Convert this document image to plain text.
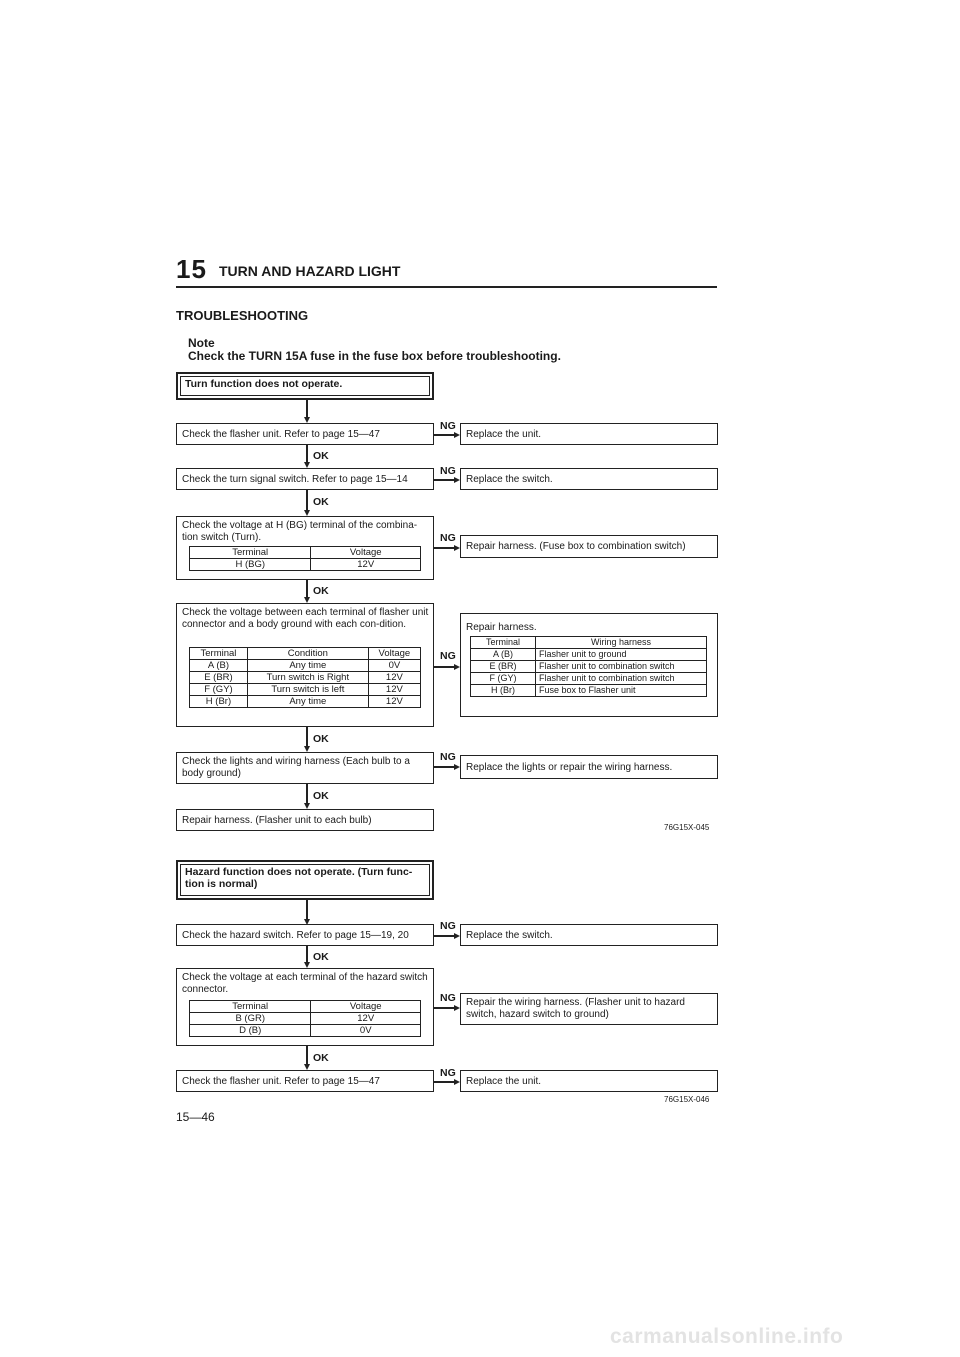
15 TURN AND HAZARD LIGHT
TROUBLESHOOTING
Note
Check the TURN 15A fuse in the fuse box before troubleshooting.
Turn function does not operate.
Check the flasher unit. Refer to page 15—47
NG
Replace the unit.
OK
Check the turn signal switch. Refer to page 15—14
NG
Replace the switch.
OK
Check the voltage at H (BG) terminal of the combina-tion switch (Turn).
Terminal	Voltage
H (BG)	12V
NG
Repair harness. (Fuse box to combination switch)
OK
Check the voltage between each terminal of flasher unit connector and a body ground with each con-dition.
Terminal	Condition	Voltage
A (B)	Any time	0V
E (BR)	Turn switch is Right	12V
F (GY)	Turn switch is left	12V
H (Br)	Any time	12V
NG
Repair harness.
Terminal	Wiring harness
A (B)	Flasher unit to ground
E (BR)	Flasher unit to combination switch
F (GY)	Flasher unit to combination switch
H (Br)	Fuse box to Flasher unit
OK
Check the lights and wiring harness (Each bulb to a body ground)
NG
Replace the lights or repair the wiring harness.
OK
Repair harness. (Flasher unit to each bulb)
76G15X-045
Hazard function does not operate. (Turn func-tion is normal)
Check the hazard switch. Refer to page 15—19, 20
NG
Replace the switch.
OK
Check the voltage at each terminal of the hazard switch connector.
Terminal	Voltage
B (GR)	12V
D (B)	0V
NG Repair the wiring harness. (Flasher unit to hazard switch, hazard switch to ground)
OK
Check the flasher unit. Refer to page 15—47
NG
Replace the unit.
76G15X-046
15—46
carmanualsonline.info
